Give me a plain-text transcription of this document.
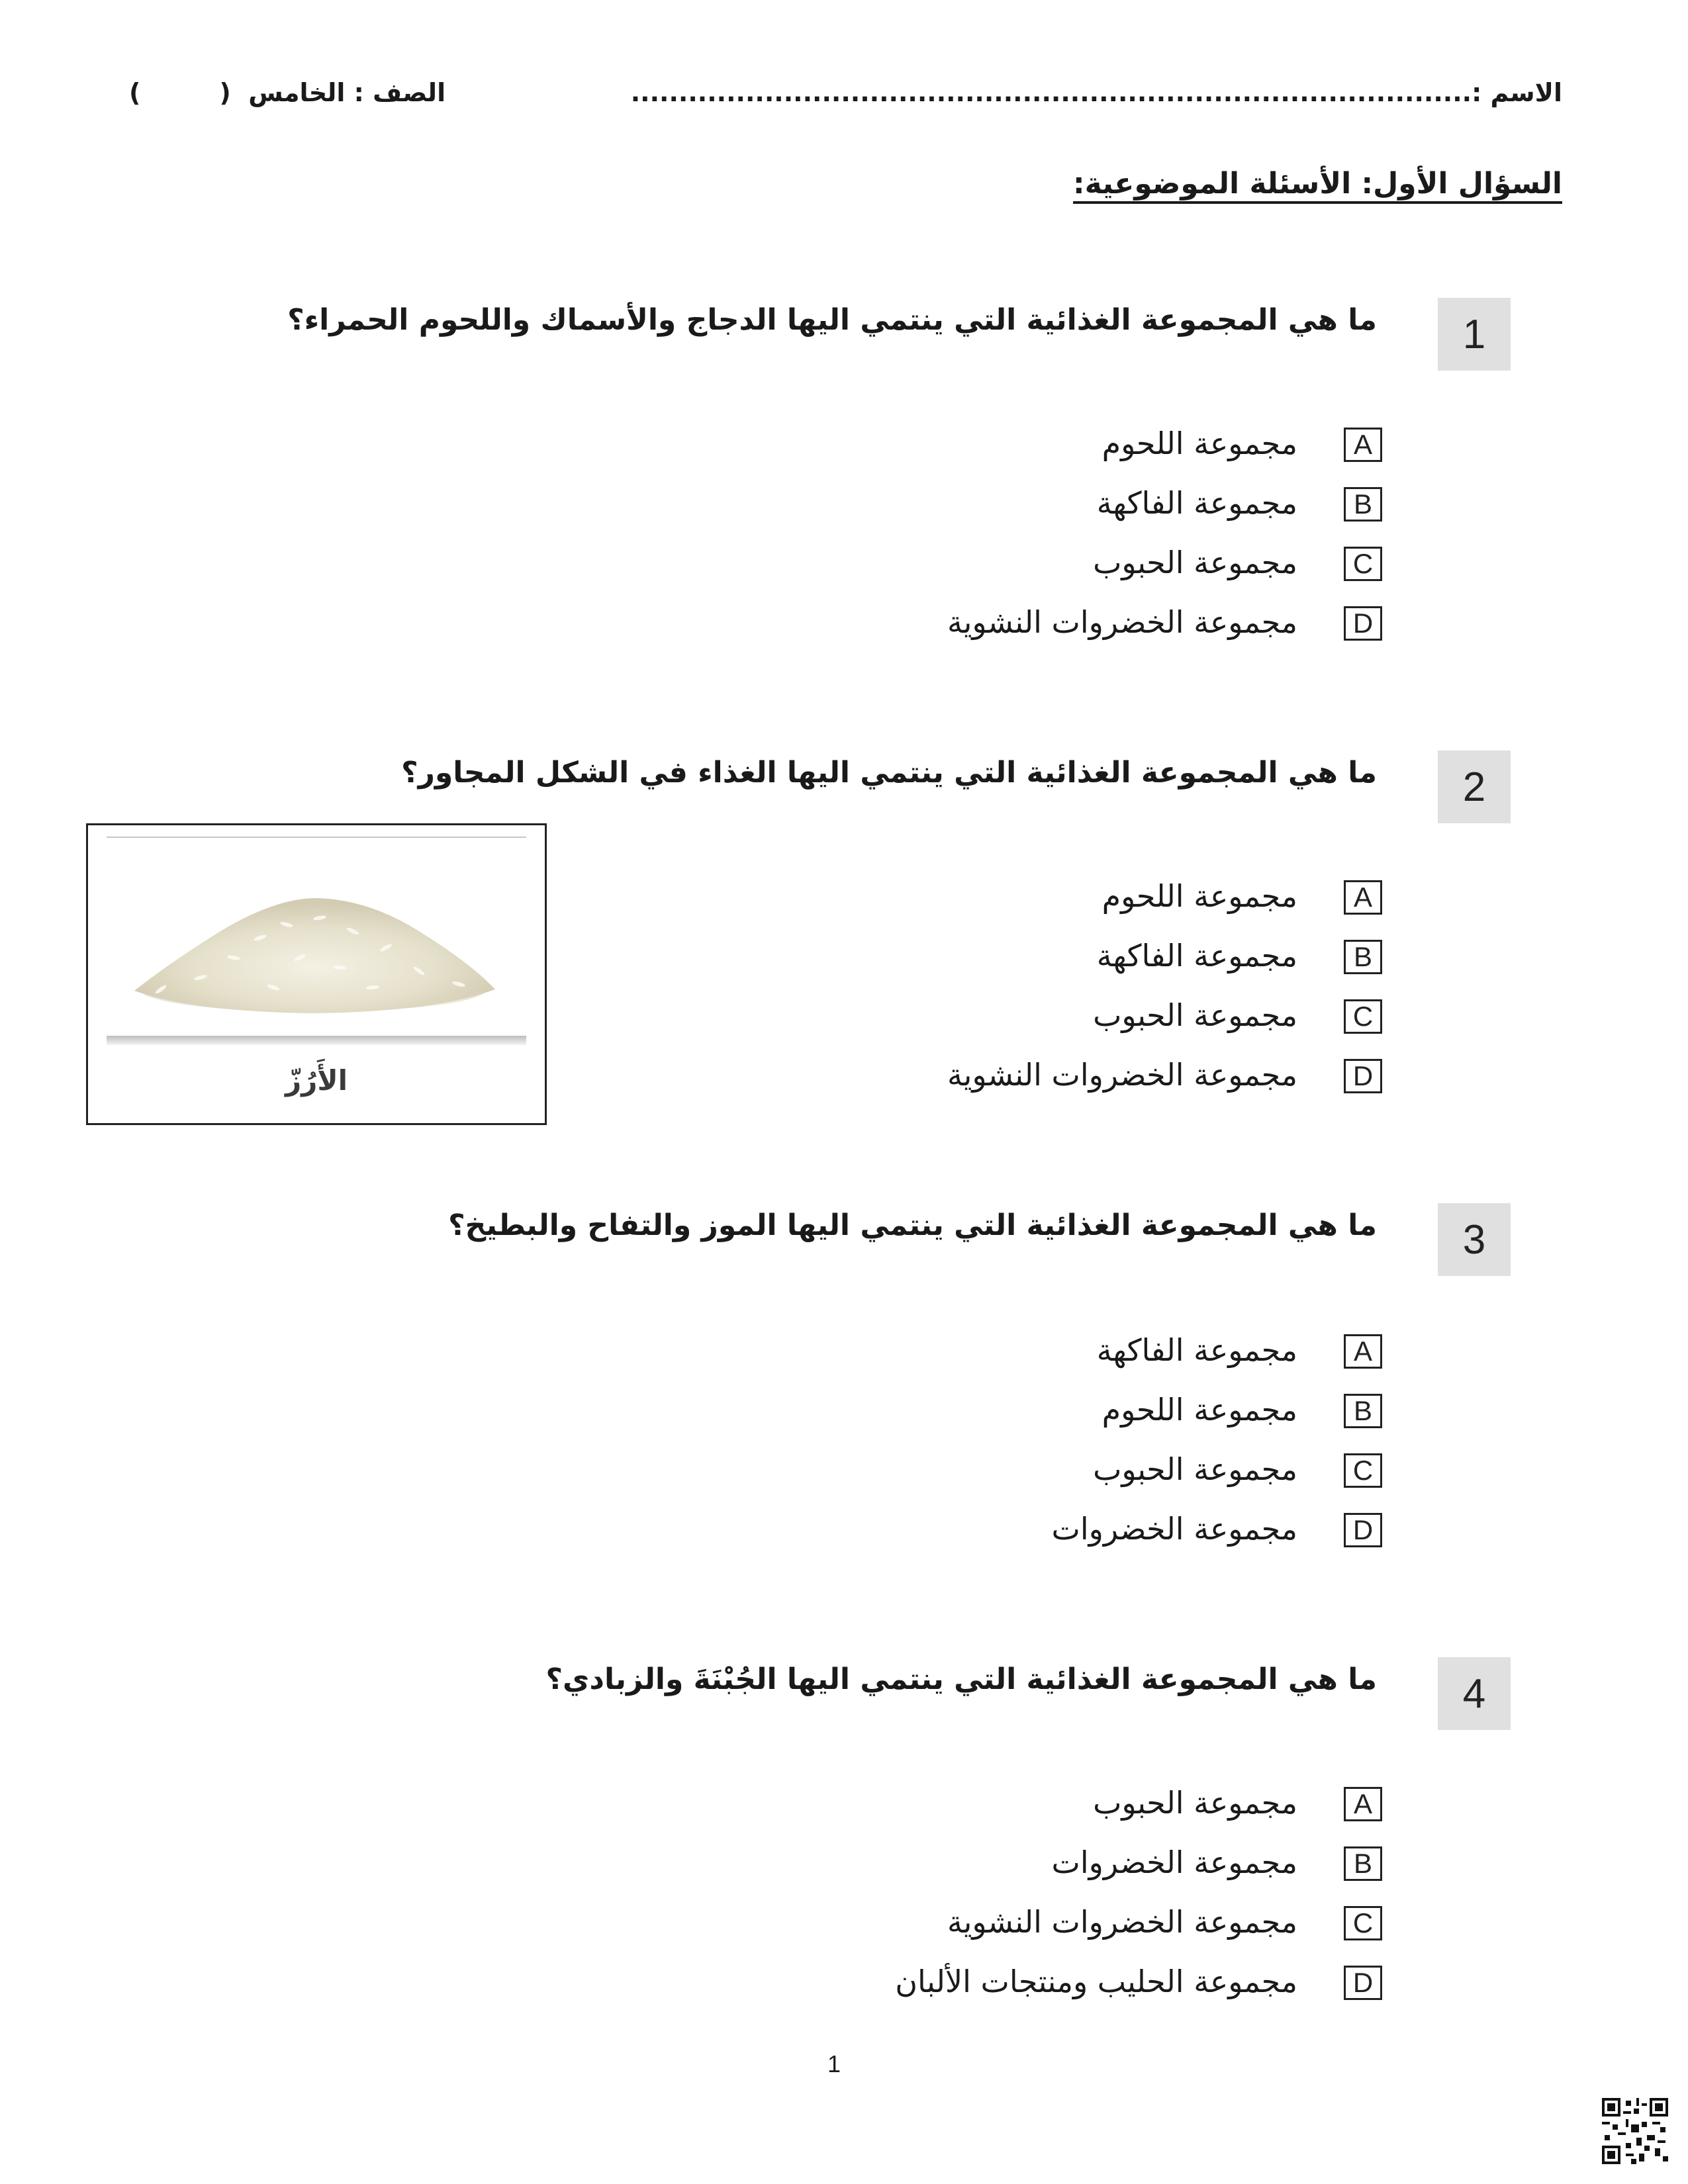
الاسم :........................................................................................
الصف : الخامس  (         )
السؤال الأول: الأسئلة الموضوعية:
1
ما هي المجموعة الغذائية التي ينتمي اليها الدجاج والأسماك واللحوم الحمراء؟
A
مجموعة اللحوم
B
مجموعة الفاكهة
C
مجموعة الحبوب
D
مجموعة الخضروات النشوية
2
ما هي المجموعة الغذائية التي ينتمي اليها الغذاء في الشكل المجاور؟
الأَرُزّ
A
مجموعة اللحوم
B
مجموعة الفاكهة
C
مجموعة الحبوب
D
مجموعة الخضروات النشوية
3
ما هي المجموعة الغذائية التي ينتمي اليها الموز والتفاح والبطيخ؟
A
مجموعة الفاكهة
B
مجموعة اللحوم
C
مجموعة الحبوب
D
مجموعة الخضروات
4
ما هي المجموعة الغذائية التي ينتمي اليها الجُبْنَةَ والزبادي؟
A
مجموعة الحبوب
B
مجموعة الخضروات
C
مجموعة الخضروات النشوية
D
مجموعة الحليب ومنتجات الألبان
1
